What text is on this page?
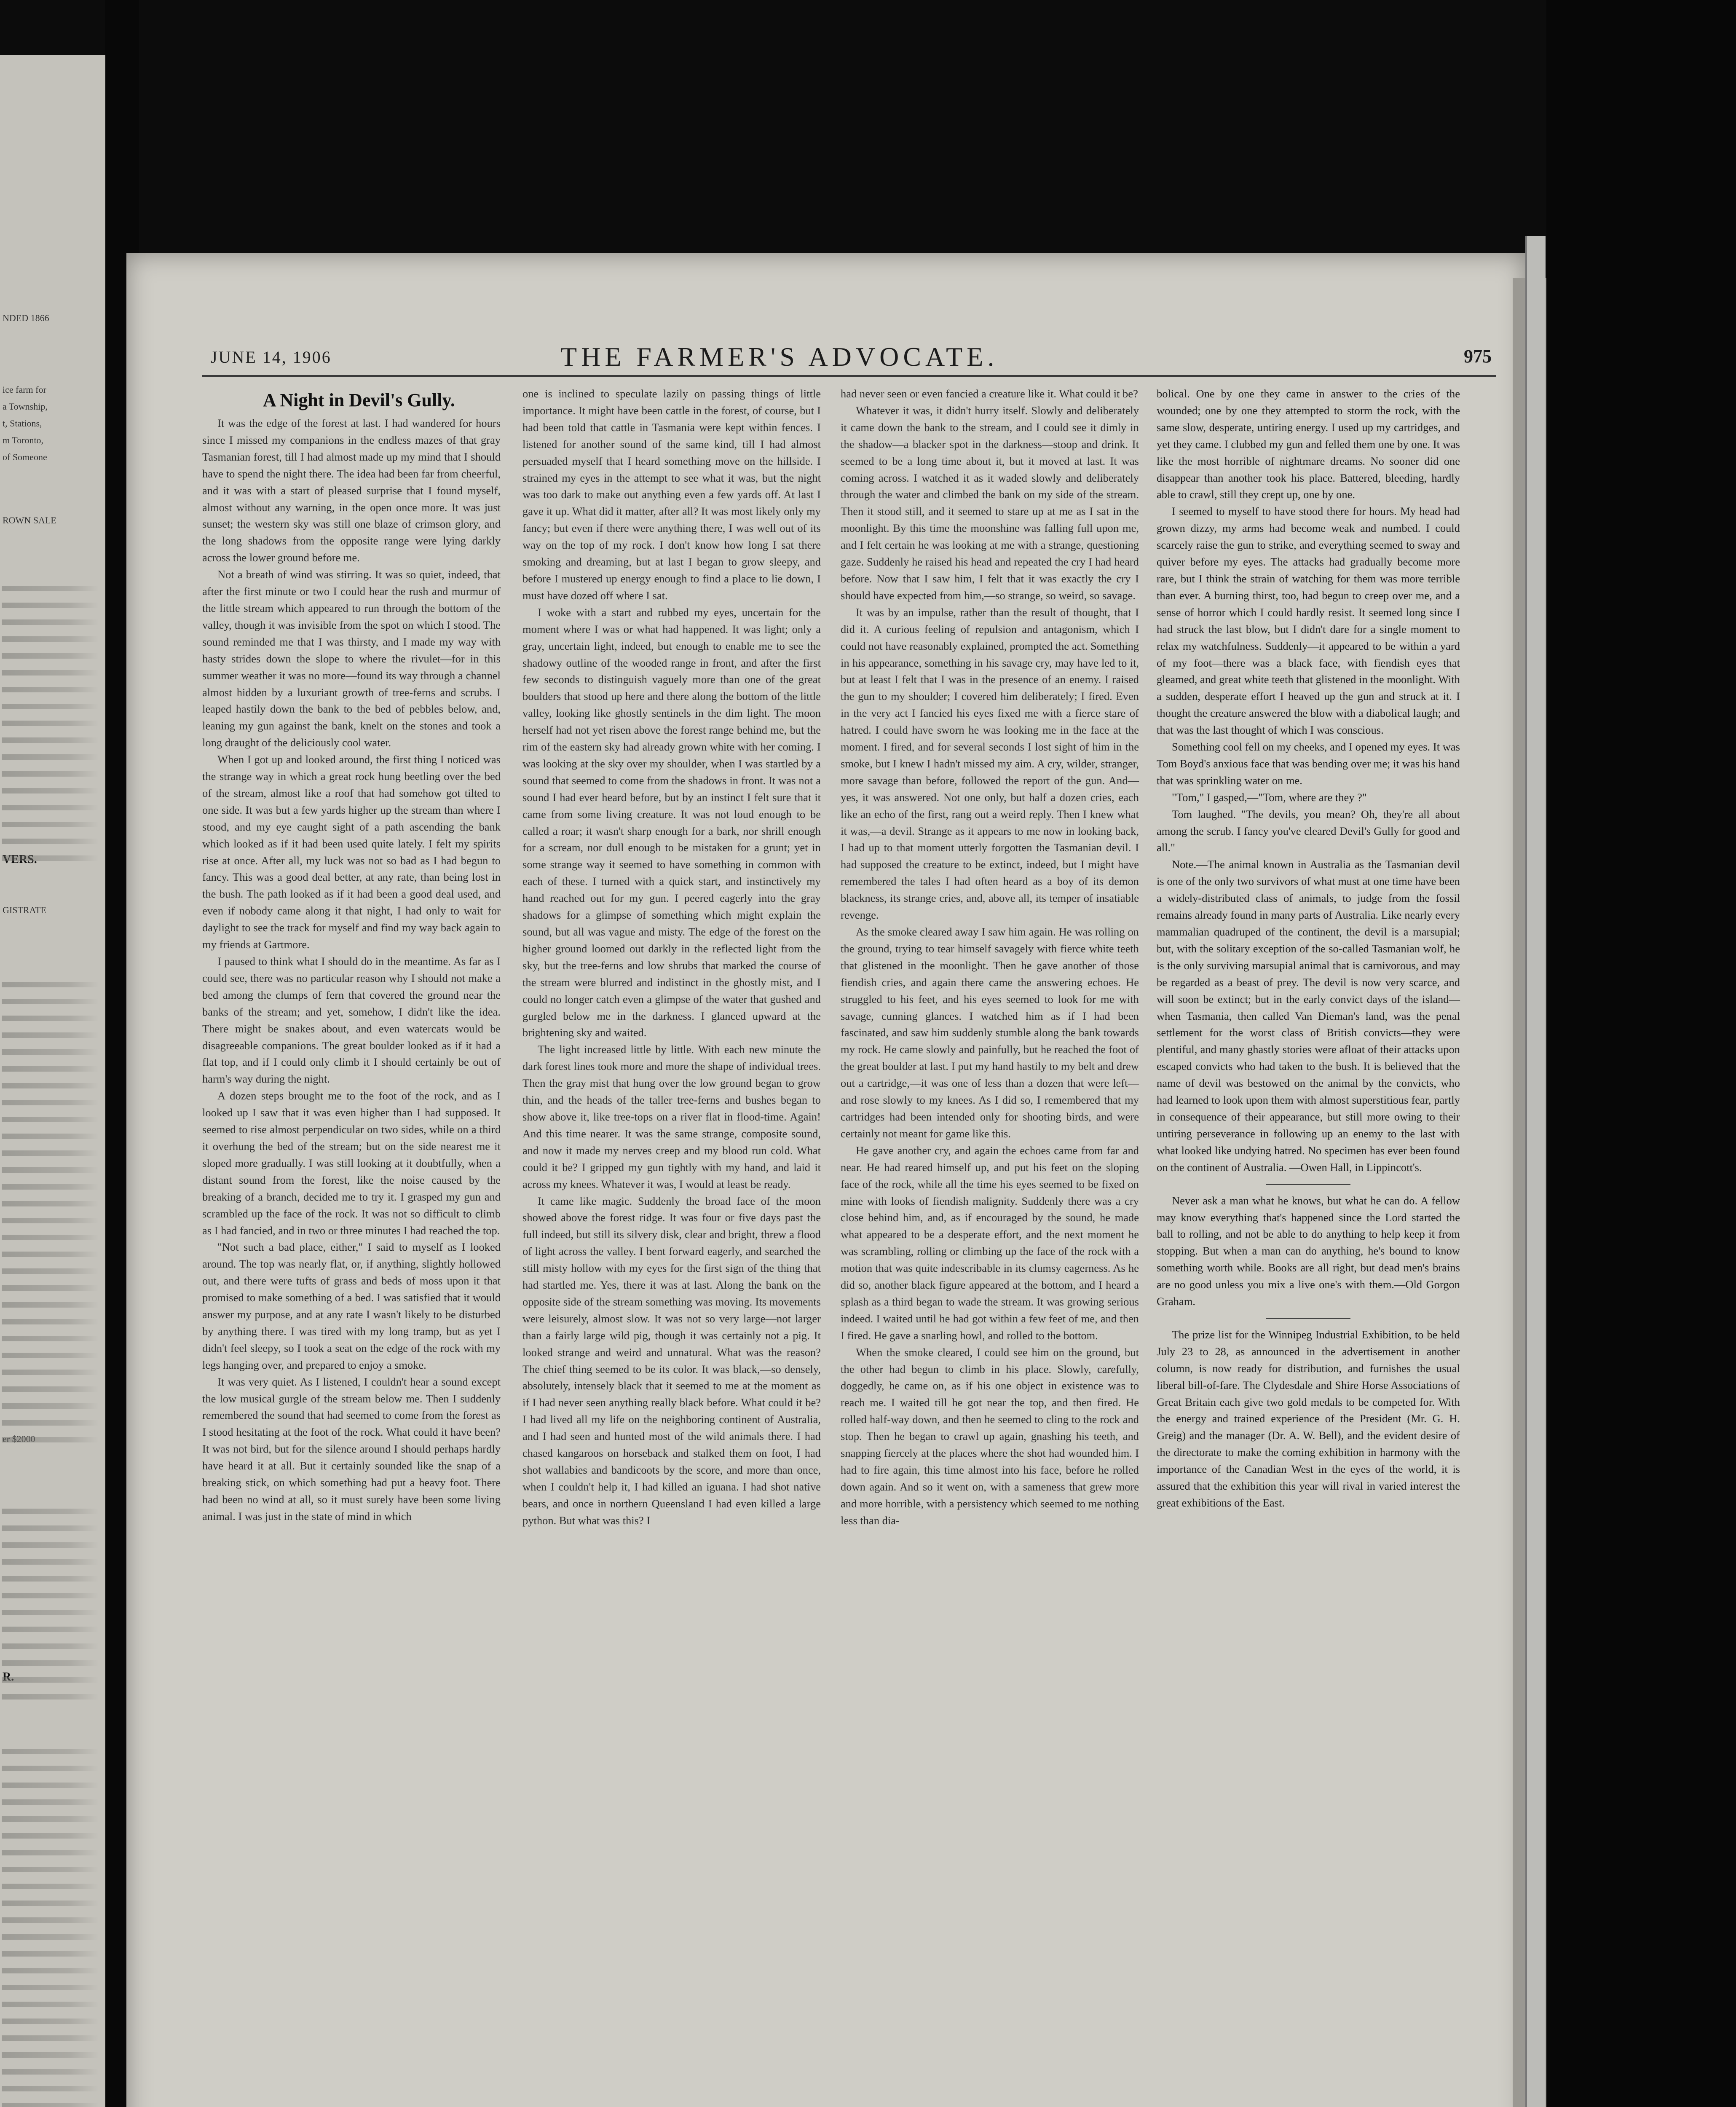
NDED 1866
ice farm for
a Township,
t, Stations,
m Toronto,
of Someone
ROWN SALE
VERS.
GISTRATE
er $2000
R.
JUNE 14, 1906	THE FARMER'S ADVOCATE.	975

A Night in Devil's Gully.

It was the edge of the forest at last. I had wandered for hours since I missed my companions in the endless mazes of that gray Tasmanian forest, till I had almost made up my mind that I should have to spend the night there. The idea had been far from cheerful, and it was with a start of pleased surprise that I found myself, almost without any warning, in the open once more. It was just sunset; the western sky was still one blaze of crimson glory, and the long shadows from the opposite range were lying darkly across the lower ground before me.

Not a breath of wind was stirring. It was so quiet, indeed, that after the first minute or two I could hear the rush and murmur of the little stream which appeared to run through the bottom of the valley, though it was invisible from the spot on which I stood. The sound reminded me that I was thirsty, and I made my way with hasty strides down the slope to where the rivulet—for in this summer weather it was no more—found its way through a channel almost hidden by a luxuriant growth of tree-ferns and scrubs. I leaped hastily down the bank to the bed of pebbles below, and, leaning my gun against the bank, knelt on the stones and took a long draught of the deliciously cool water.

When I got up and looked around, the first thing I noticed was the strange way in which a great rock hung beetling over the bed of the stream, almost like a roof that had somehow got tilted to one side. It was but a few yards higher up the stream than where I stood, and my eye caught sight of a path ascending the bank which looked as if it had been used quite lately. I felt my spirits rise at once. After all, my luck was not so bad as I had begun to fancy. This was a good deal better, at any rate, than being lost in the bush. The path looked as if it had been a good deal used, and even if nobody came along it that night, I had only to wait for daylight to see the track for myself and find my way back again to my friends at Gartmore.

I paused to think what I should do in the meantime. As far as I could see, there was no particular reason why I should not make a bed among the clumps of fern that covered the ground near the banks of the stream; and yet, somehow, I didn't like the idea. There might be snakes about, and even watercats would be disagreeable companions. The great boulder looked as if it had a flat top, and if I could only climb it I should certainly be out of harm's way during the night.

A dozen steps brought me to the foot of the rock, and as I looked up I saw that it was even higher than I had supposed. It seemed to rise almost perpendicular on two sides, while on a third it overhung the bed of the stream; but on the side nearest me it sloped more gradually. I was still looking at it doubtfully, when a distant sound from the forest, like the noise caused by the breaking of a branch, decided me to try it. I grasped my gun and scrambled up the face of the rock. It was not so difficult to climb as I had fancied, and in two or three minutes I had reached the top.

"Not such a bad place, either," I said to myself as I looked around. The top was nearly flat, or, if anything, slightly hollowed out, and there were tufts of grass and beds of moss upon it that promised to make something of a bed. I was satisfied that it would answer my purpose, and at any rate I wasn't likely to be disturbed by anything there. I was tired with my long tramp, but as yet I didn't feel sleepy, so I took a seat on the edge of the rock with my legs hanging over, and prepared to enjoy a smoke.

It was very quiet. As I listened, I couldn't hear a sound except the low musical gurgle of the stream below me. Then I suddenly remembered the sound that had seemed to come from the forest as I stood hesitating at the foot of the rock. What could it have been? It was not bird, but for the silence around I should perhaps hardly have heard it at all. But it certainly sounded like the snap of a breaking stick, on which something had put a heavy foot. There had been no wind at all, so it must surely have been some living animal. I was just in the state of mind in which

one is inclined to speculate lazily on passing things of little importance. It might have been cattle in the forest, of course, but I had been told that cattle in Tasmania were kept within fences. I listened for another sound of the same kind, till I had almost persuaded myself that I heard something move on the hillside. I strained my eyes in the attempt to see what it was, but the night was too dark to make out anything even a few yards off. At last I gave it up. What did it matter, after all? It was most likely only my fancy; but even if there were anything there, I was well out of its way on the top of my rock. I don't know how long I sat there smoking and dreaming, but at last I began to grow sleepy, and before I mustered up energy enough to find a place to lie down, I must have dozed off where I sat.

I woke with a start and rubbed my eyes, uncertain for the moment where I was or what had happened. It was light; only a gray, uncertain light, indeed, but enough to enable me to see the shadowy outline of the wooded range in front, and after the first few seconds to distinguish vaguely more than one of the great boulders that stood up here and there along the bottom of the little valley, looking like ghostly sentinels in the dim light. The moon herself had not yet risen above the forest range behind me, but the rim of the eastern sky had already grown white with her coming. I was looking at the sky over my shoulder, when I was startled by a sound that seemed to come from the shadows in front. It was not a sound I had ever heard before, but by an instinct I felt sure that it came from some living creature. It was not loud enough to be called a roar; it wasn't sharp enough for a bark, nor shrill enough for a scream, nor dull enough to be mistaken for a grunt; yet in some strange way it seemed to have something in common with each of these. I turned with a quick start, and instinctively my hand reached out for my gun. I peered eagerly into the gray shadows for a glimpse of something which might explain the sound, but all was vague and misty. The edge of the forest on the higher ground loomed out darkly in the reflected light from the sky, but the tree-ferns and low shrubs that marked the course of the stream were blurred and indistinct in the ghostly mist, and I could no longer catch even a glimpse of the water that gushed and gurgled below me in the darkness. I glanced upward at the brightening sky and waited.

The light increased little by little. With each new minute the dark forest lines took more and more the shape of individual trees. Then the gray mist that hung over the low ground began to grow thin, and the heads of the taller tree-ferns and bushes began to show above it, like tree-tops on a river flat in flood-time. Again! And this time nearer. It was the same strange, composite sound, and now it made my nerves creep and my blood run cold. What could it be? I gripped my gun tightly with my hand, and laid it across my knees. Whatever it was, I would at least be ready.

It came like magic. Suddenly the broad face of the moon showed above the forest ridge. It was four or five days past the full indeed, but still its silvery disk, clear and bright, threw a flood of light across the valley. I bent forward eagerly, and searched the still misty hollow with my eyes for the first sign of the thing that had startled me. Yes, there it was at last. Along the bank on the opposite side of the stream something was moving. Its movements were leisurely, almost slow. It was not so very large—not larger than a fairly large wild pig, though it was certainly not a pig. It looked strange and weird and unnatural. What was the reason? The chief thing seemed to be its color. It was black,—so densely, absolutely, intensely black that it seemed to me at the moment as if I had never seen anything really black before. What could it be? I had lived all my life on the neighboring continent of Australia, and I had seen and hunted most of the wild animals there. I had chased kangaroos on horseback and stalked them on foot, I had shot wallabies and bandicoots by the score, and more than once, when I couldn't help it, I had killed an iguana. I had shot native bears, and once in northern Queensland I had even killed a large python. But what was this? I

had never seen or even fancied a creature like it. What could it be?

Whatever it was, it didn't hurry itself. Slowly and deliberately it came down the bank to the stream, and I could see it dimly in the shadow—a blacker spot in the darkness—stoop and drink. It seemed to be a long time about it, but it moved at last. It was coming across. I watched it as it waded slowly and deliberately through the water and climbed the bank on my side of the stream. Then it stood still, and it seemed to stare up at me as I sat in the moonlight. By this time the moonshine was falling full upon me, and I felt certain he was looking at me with a strange, questioning gaze. Suddenly he raised his head and repeated the cry I had heard before. Now that I saw him, I felt that it was exactly the cry I should have expected from him,—so strange, so weird, so savage.

It was by an impulse, rather than the result of thought, that I did it. A curious feeling of repulsion and antagonism, which I could not have reasonably explained, prompted the act. Something in his appearance, something in his savage cry, may have led to it, but at least I felt that I was in the presence of an enemy. I raised the gun to my shoulder; I covered him deliberately; I fired. Even in the very act I fancied his eyes fixed me with a fierce stare of hatred. I could have sworn he was looking me in the face at the moment. I fired, and for several seconds I lost sight of him in the smoke, but I knew I hadn't missed my aim. A cry, wilder, stranger, more savage than before, followed the report of the gun. And—yes, it was answered. Not one only, but half a dozen cries, each like an echo of the first, rang out a weird reply. Then I knew what it was,—a devil. Strange as it appears to me now in looking back, I had up to that moment utterly forgotten the Tasmanian devil. I had supposed the creature to be extinct, indeed, but I might have remembered the tales I had often heard as a boy of its demon blackness, its strange cries, and, above all, its temper of insatiable revenge.

As the smoke cleared away I saw him again. He was rolling on the ground, trying to tear himself savagely with fierce white teeth that glistened in the moonlight. Then he gave another of those fiendish cries, and again there came the answering echoes. He struggled to his feet, and his eyes seemed to look for me with savage, cunning glances. I watched him as if I had been fascinated, and saw him suddenly stumble along the bank towards my rock. He came slowly and painfully, but he reached the foot of the great boulder at last. I put my hand hastily to my belt and drew out a cartridge,—it was one of less than a dozen that were left—and rose slowly to my knees. As I did so, I remembered that my cartridges had been intended only for shooting birds, and were certainly not meant for game like this.

He gave another cry, and again the echoes came from far and near. He had reared himself up, and put his feet on the sloping face of the rock, while all the time his eyes seemed to be fixed on mine with looks of fiendish malignity. Suddenly there was a cry close behind him, and, as if encouraged by the sound, he made what appeared to be a desperate effort, and the next moment he was scrambling, rolling or climbing up the face of the rock with a motion that was quite indescribable in its clumsy eagerness. As he did so, another black figure appeared at the bottom, and I heard a splash as a third began to wade the stream. It was growing serious indeed. I waited until he had got within a few feet of me, and then I fired. He gave a snarling howl, and rolled to the bottom.

When the smoke cleared, I could see him on the ground, but the other had begun to climb in his place. Slowly, carefully, doggedly, he came on, as if his one object in existence was to reach me. I waited till he got near the top, and then fired. He rolled half-way down, and then he seemed to cling to the rock and stop. Then he began to crawl up again, gnashing his teeth, and snapping fiercely at the places where the shot had wounded him. I had to fire again, this time almost into his face, before he rolled down again. And so it went on, with a sameness that grew more and more horrible, with a persistency which seemed to me nothing less than dia-

bolical. One by one they came in answer to the cries of the wounded; one by one they attempted to storm the rock, with the same slow, desperate, untiring energy. I used up my cartridges, and yet they came. I clubbed my gun and felled them one by one. It was like the most horrible of nightmare dreams. No sooner did one disappear than another took his place. Battered, bleeding, hardly able to crawl, still they crept up, one by one.

I seemed to myself to have stood there for hours. My head had grown dizzy, my arms had become weak and numbed. I could scarcely raise the gun to strike, and everything seemed to sway and quiver before my eyes. The attacks had gradually become more rare, but I think the strain of watching for them was more terrible than ever. A burning thirst, too, had begun to creep over me, and a sense of horror which I could hardly resist. It seemed long since I had struck the last blow, but I didn't dare for a single moment to relax my watchfulness. Suddenly—it appeared to be within a yard of my foot—there was a black face, with fiendish eyes that gleamed, and great white teeth that glistened in the moonlight. With a sudden, desperate effort I heaved up the gun and struck at it. I thought the creature answered the blow with a diabolical laugh; and that was the last thought of which I was conscious.

Something cool fell on my cheeks, and I opened my eyes. It was Tom Boyd's anxious face that was bending over me; it was his hand that was sprinkling water on me.

"Tom," I gasped,—"Tom, where are they ?"

Tom laughed. "The devils, you mean? Oh, they're all about among the scrub. I fancy you've cleared Devil's Gully for good and all."

Note.—The animal known in Australia as the Tasmanian devil is one of the only two survivors of what must at one time have been a widely-distributed class of animals, to judge from the fossil remains already found in many parts of Australia. Like nearly every mammalian quadruped of the continent, the devil is a marsupial; but, with the solitary exception of the so-called Tasmanian wolf, he is the only surviving marsupial animal that is carnivorous, and may be regarded as a beast of prey. The devil is now very scarce, and will soon be extinct; but in the early convict days of the island—when Tasmania, then called Van Dieman's land, was the penal settlement for the worst class of British convicts—they were plentiful, and many ghastly stories were afloat of their attacks upon escaped convicts who had taken to the bush. It is believed that the name of devil was bestowed on the animal by the convicts, who had learned to look upon them with almost superstitious fear, partly in consequence of their appearance, but still more owing to their untiring perseverance in following up an enemy to the last with what looked like undying hatred. No specimen has ever been found on the continent of Australia. —Owen Hall, in Lippincott's.

Never ask a man what he knows, but what he can do. A fellow may know everything that's happened since the Lord started the ball to rolling, and not be able to do anything to help keep it from stopping. But when a man can do anything, he's bound to know something worth while. Books are all right, but dead men's brains are no good unless you mix a live one's with them.—Old Gorgon Graham.

The prize list for the Winnipeg Industrial Exhibition, to be held July 23 to 28, as announced in the advertisement in another column, is now ready for distribution, and furnishes the usual liberal bill-of-fare. The Clydesdale and Shire Horse Associations of Great Britain each give two gold medals to be competed for. With the energy and trained experience of the President (Mr. G. H. Greig) and the manager (Dr. A. W. Bell), and the evident desire of the directorate to make the coming exhibition in harmony with the importance of the Canadian West in the eyes of the world, it is assured that the exhibition this year will rival in varied interest the great exhibitions of the East.
